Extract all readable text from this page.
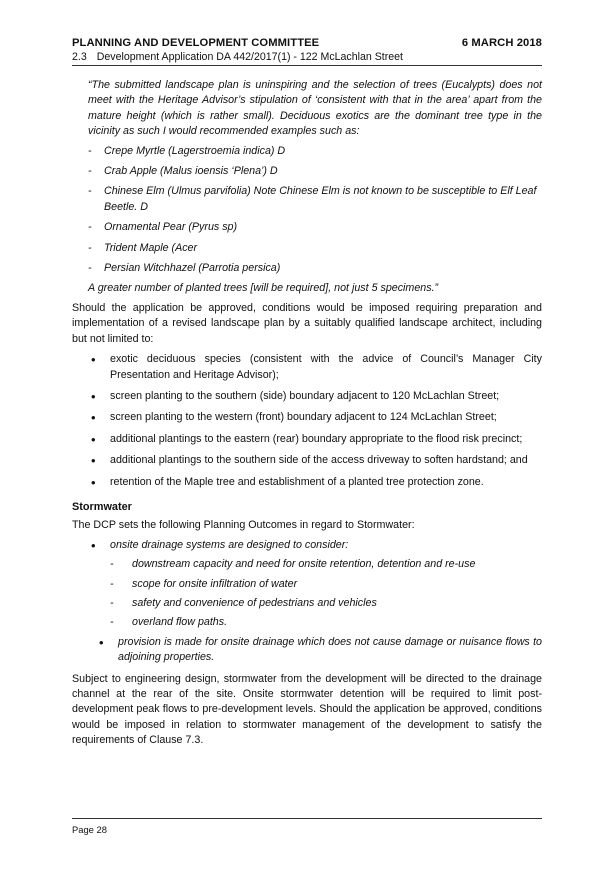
PLANNING AND DEVELOPMENT COMMITTEE	6 MARCH 2018
2.3 Development Application DA 442/2017(1) - 122 McLachlan Street

“The submitted landscape plan is uninspiring and the selection of trees (Eucalypts) does not meet with the Heritage Advisor’s stipulation of ‘consistent with that in the area’ apart from the mature height (which is rather small). Deciduous exotics are the dominant tree type in the vicinity as such I would recommended examples such as:

- Crepe Myrtle (Lagerstroemia indica) D
- Crab Apple (Malus ioensis ‘Plena’) D
- Chinese Elm (Ulmus parvifolia) Note Chinese Elm is not known to be susceptible to Elf Leaf Beetle. D
- Ornamental Pear (Pyrus sp)
- Trident Maple (Acer
- Persian Witchhazel (Parrotia persica)

A greater number of planted trees [will be required], not just 5 specimens.”

Should the application be approved, conditions would be imposed requiring preparation and implementation of a revised landscape plan by a suitably qualified landscape architect, including but not limited to:

• exotic deciduous species (consistent with the advice of Council’s Manager City Presentation and Heritage Advisor);
• screen planting to the southern (side) boundary adjacent to 120 McLachlan Street;
• screen planting to the western (front) boundary adjacent to 124 McLachlan Street;
• additional plantings to the eastern (rear) boundary appropriate to the flood risk precinct;
• additional plantings to the southern side of the access driveway to soften hardstand; and
• retention of the Maple tree and establishment of a planted tree protection zone.
Stormwater

The DCP sets the following Planning Outcomes in regard to Stormwater:

• onsite drainage systems are designed to consider:
- downstream capacity and need for onsite retention, detention and re-use
- scope for onsite infiltration of water
- safety and convenience of pedestrians and vehicles
- overland flow paths.
• provision is made for onsite drainage which does not cause damage or nuisance flows to adjoining properties.

Subject to engineering design, stormwater from the development will be directed to the drainage channel at the rear of the site. Onsite stormwater detention will be required to limit post-development peak flows to pre-development levels. Should the application be approved, conditions would be imposed in relation to stormwater management of the development to satisfy the requirements of Clause 7.3.

Page 28
